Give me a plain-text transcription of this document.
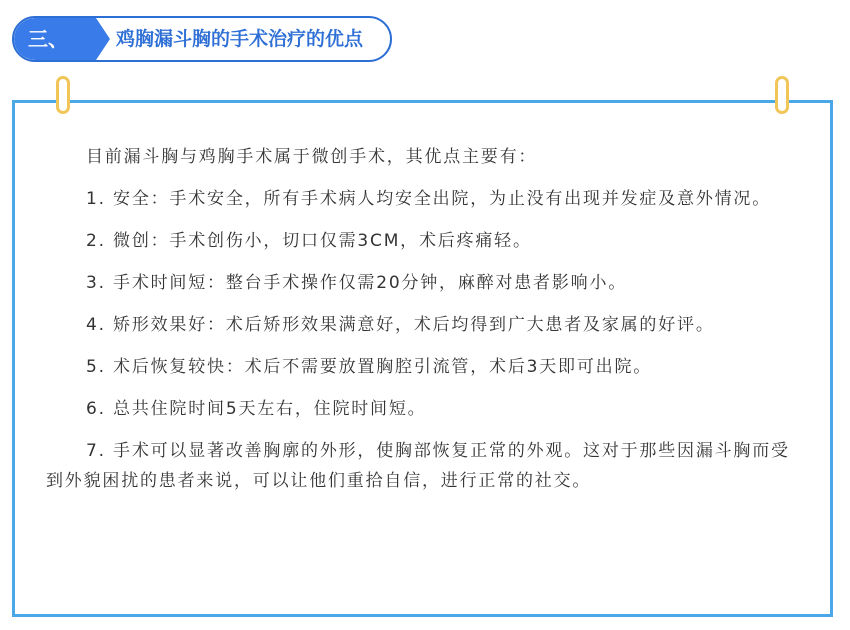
三、	鸡胸漏斗胸的手术治疗的优点

目前漏斗胸与鸡胸手术属于微创手术，其优点主要有：

1. 安全：手术安全，所有手术病人均安全出院，为止没有出现并发症及意外情况。

2. 微创：手术创伤小，切口仅需3CM，术后疼痛轻。

3. 手术时间短：整台手术操作仅需20分钟，麻醉对患者影响小。

4. 矫形效果好：术后矫形效果满意好，术后均得到广大患者及家属的好评。

5. 术后恢复较快：术后不需要放置胸腔引流管，术后3天即可出院。

6. 总共住院时间5天左右，住院时间短。

7. 手术可以显著改善胸廓的外形，使胸部恢复正常的外观。这对于那些因漏斗胸而受到外貌困扰的患者来说，可以让他们重拾自信，进行正常的社交。
